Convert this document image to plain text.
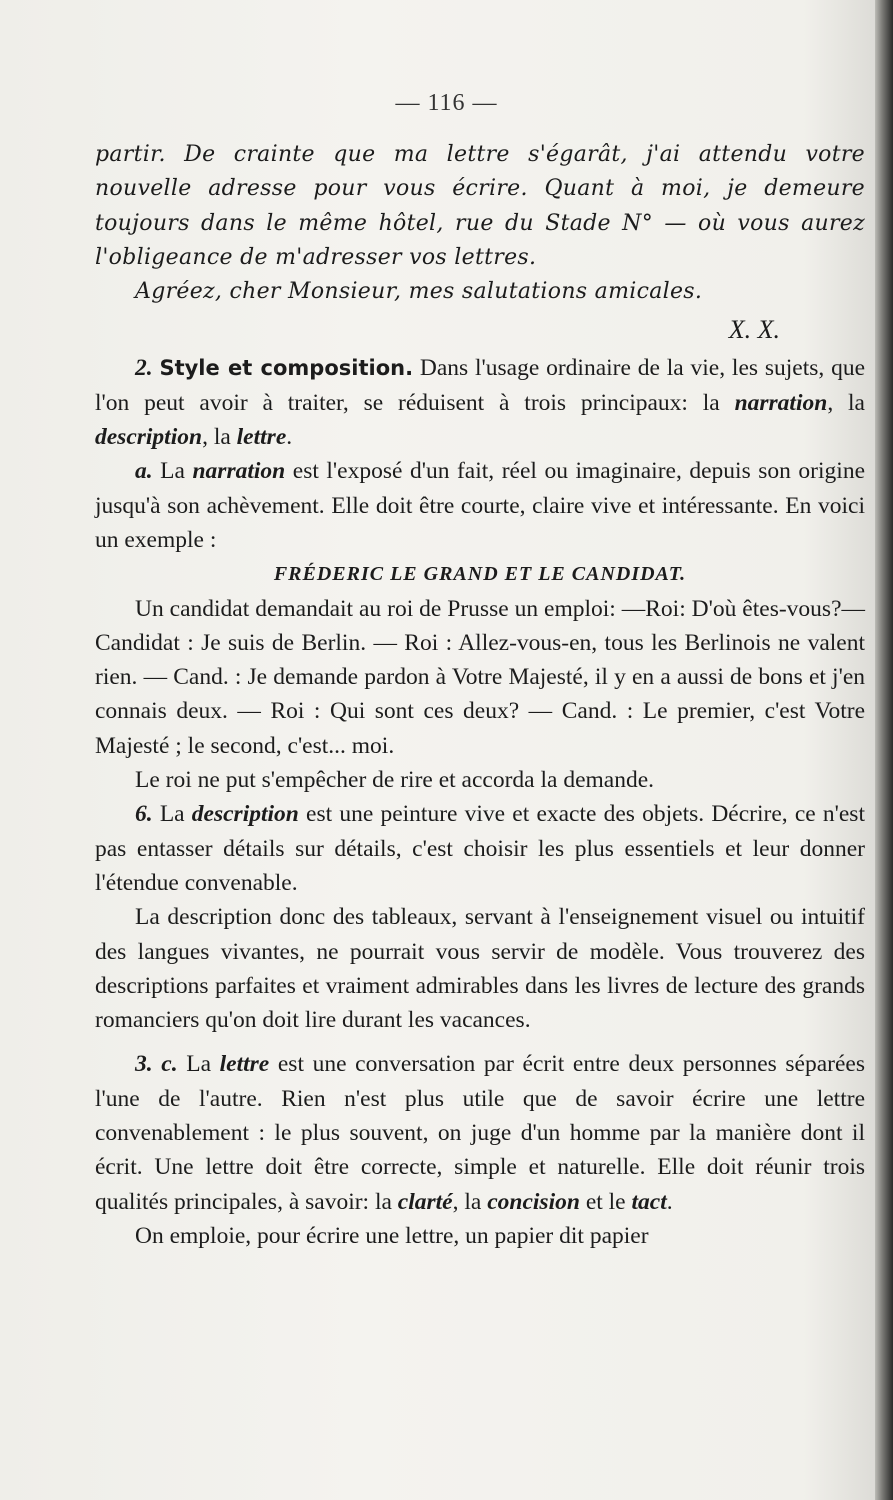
— 116 —

partir. De crainte que ma lettre s'égarât, j'ai attendu votre nouvelle adresse pour vous écrire. Quant à moi, je demeure toujours dans le même hôtel, rue du Stade N° — où vous aurez l'obligeance de m'adresser vos lettres.

Agréez, cher Monsieur, mes salutations amicales.

X. X.

2. Style et composition. Dans l'usage ordinaire de la vie, les sujets, que l'on peut avoir à traiter, se réduisent à trois principaux: la narration, la description, la lettre.

a. La narration est l'exposé d'un fait, réel ou imaginaire, depuis son origine jusqu'à son achèvement. Elle doit être courte, claire vive et intéressante. En voici un exemple :

FRÉDERIC LE GRAND ET LE CANDIDAT.

Un candidat demandait au roi de Prusse un emploi: —Roi: D'où êtes-vous?—Candidat : Je suis de Berlin. — Roi : Allez-vous-en, tous les Berlinois ne valent rien. — Cand. : Je demande pardon à Votre Majesté, il y en a aussi de bons et j'en connais deux. — Roi : Qui sont ces deux? — Cand. : Le premier, c'est Votre Majesté ; le second, c'est... moi.

Le roi ne put s'empêcher de rire et accorda la demande.

6. La description est une peinture vive et exacte des objets. Décrire, ce n'est pas entasser détails sur détails, c'est choisir les plus essentiels et leur donner l'étendue convenable.

La description donc des tableaux, servant à l'enseignement visuel ou intuitif des langues vivantes, ne pourrait vous servir de modèle. Vous trouverez des descriptions parfaites et vraiment admirables dans les livres de lecture des grands romanciers qu'on doit lire durant les vacances.

3. c. La lettre est une conversation par écrit entre deux personnes séparées l'une de l'autre. Rien n'est plus utile que de savoir écrire une lettre convenablement : le plus souvent, on juge d'un homme par la manière dont il écrit. Une lettre doit être correcte, simple et naturelle. Elle doit réunir trois qualités principales, à savoir: la clarté, la concision et le tact.

On emploie, pour écrire une lettre, un papier dit papier
